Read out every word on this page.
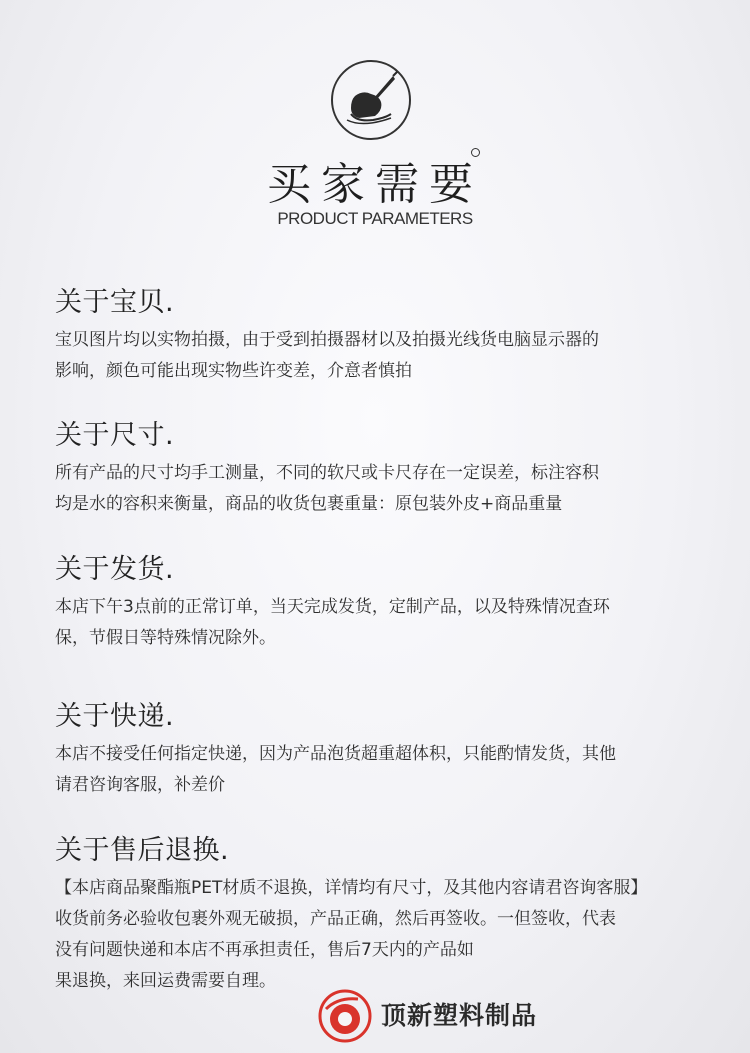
买家需要
PRODUCT PARAMETERS
关于宝贝.
宝贝图片均以实物拍摄，由于受到拍摄器材以及拍摄光线货电脑显示器的
影响，颜色可能出现实物些许变差，介意者慎拍
关于尺寸.
所有产品的尺寸均手工测量，不同的软尺或卡尺存在一定误差，标注容积
均是水的容积来衡量，商品的收货包裹重量：原包装外皮+商品重量
关于发货.
本店下午3点前的正常订单，当天完成发货，定制产品，以及特殊情况查环
保，节假日等特殊情况除外。
关于快递.
本店不接受任何指定快递，因为产品泡货超重超体积，只能酌情发货，其他
请君咨询客服，补差价
关于售后退换.
【本店商品聚酯瓶PET材质不退换，详情均有尺寸，及其他内容请君咨询客服】
收货前务必验收包裹外观无破损，产品正确，然后再签收。一但签收，代表
没有问题快递和本店不再承担责任，售后7天内的产品如
果退换，来回运费需要自理。
顶新塑料制品
